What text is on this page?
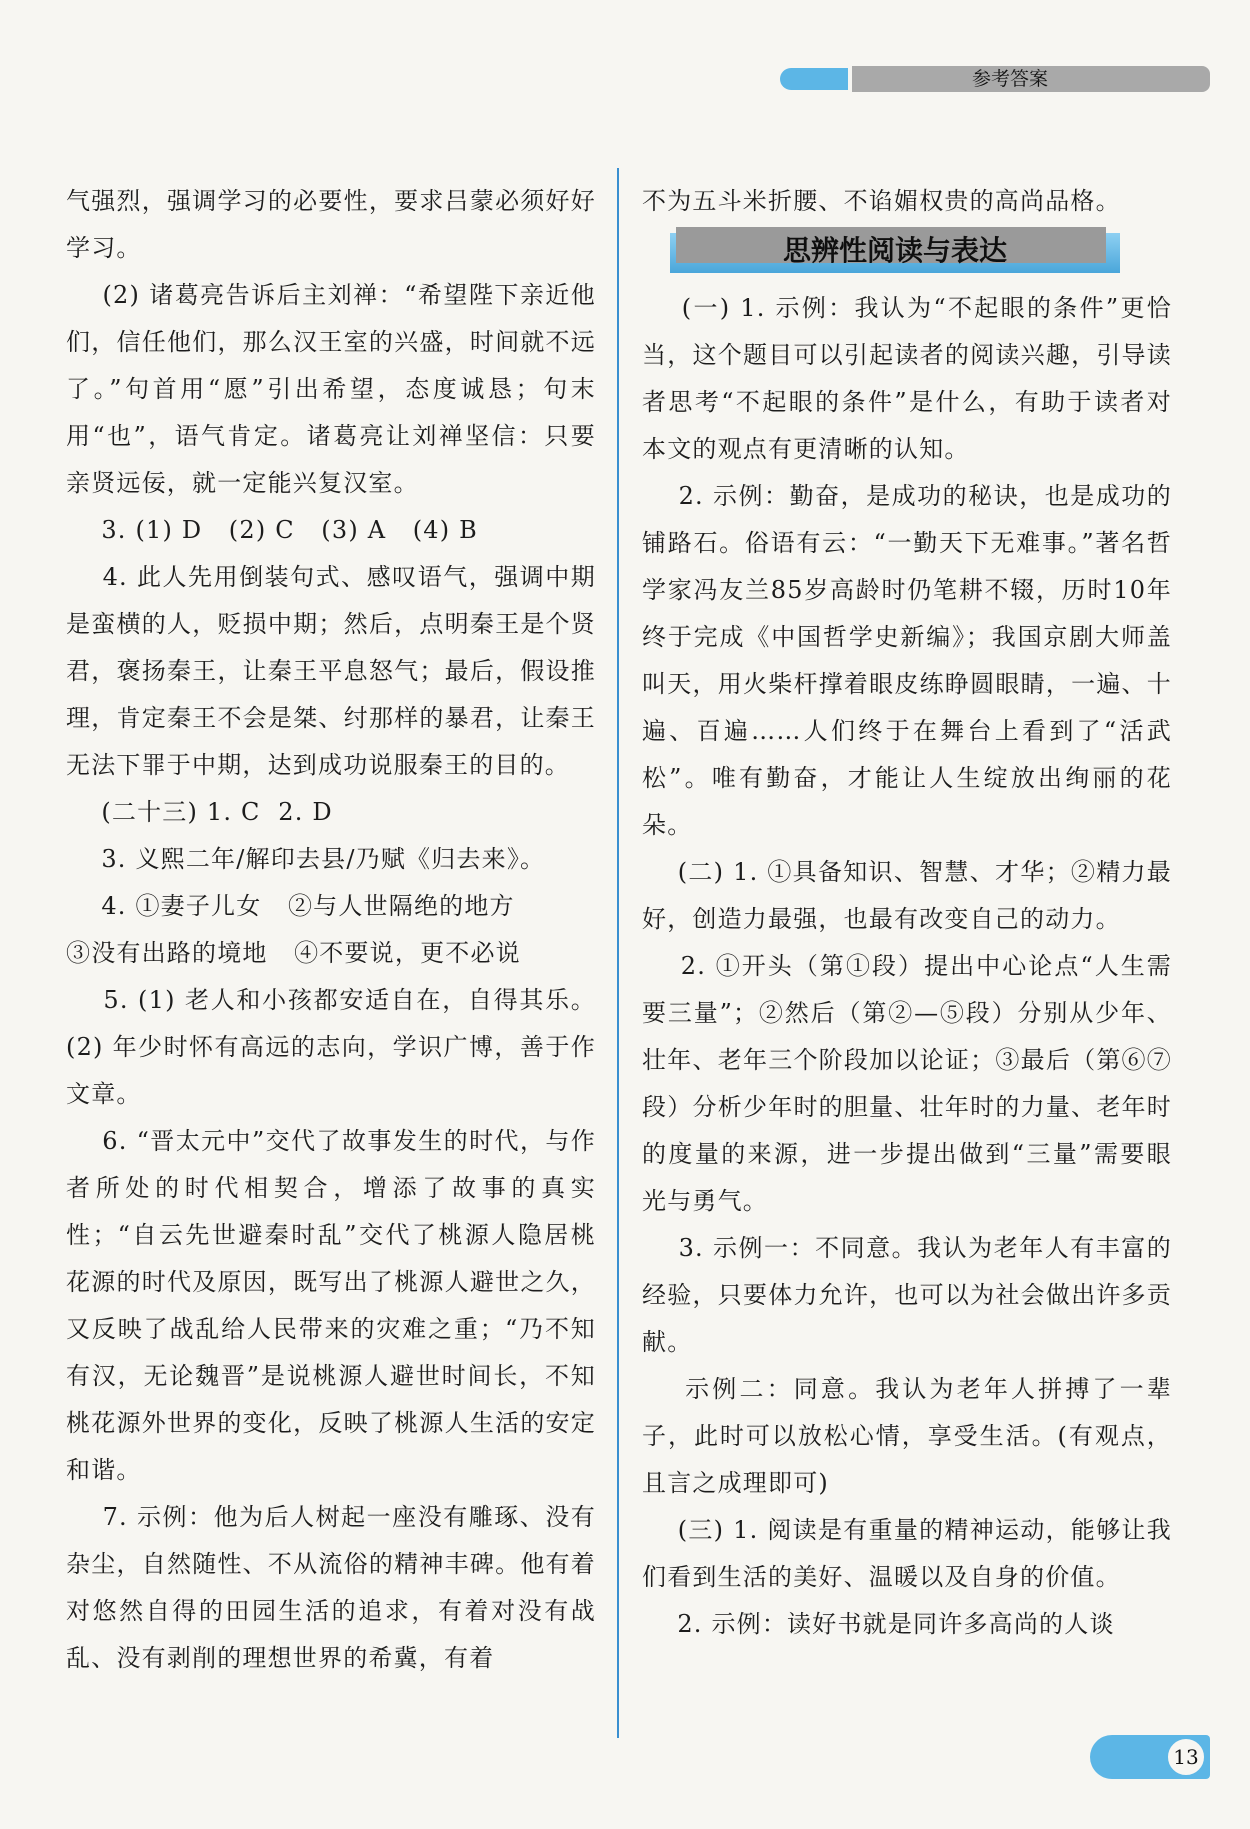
参考答案

气强烈，强调学习的必要性，要求吕蒙必须好好学习。

(2) 诸葛亮告诉后主刘禅：“希望陛下亲近他们，信任他们，那么汉王室的兴盛，时间就不远了。”句首用“愿”引出希望，态度诚恳；句末用“也”，语气肯定。诸葛亮让刘禅坚信：只要亲贤远佞，就一定能兴复汉室。

3. (1) D   (2) C   (3) A   (4) B

4. 此人先用倒装句式、感叹语气，强调中期是蛮横的人，贬损中期；然后，点明秦王是个贤君，褒扬秦王，让秦王平息怒气；最后，假设推理，肯定秦王不会是桀、纣那样的暴君，让秦王无法下罪于中期，达到成功说服秦王的目的。

(二十三) 1. C  2. D

3. 义熙二年/解印去县/乃赋《归去来》。

4. ①妻子儿女   ②与人世隔绝的地方

③没有出路的境地   ④不要说，更不必说

5. (1) 老人和小孩都安适自在，自得其乐。 (2) 年少时怀有高远的志向，学识广博，善于作文章。

6. “晋太元中”交代了故事发生的时代，与作者所处的时代相契合，增添了故事的真实性；“自云先世避秦时乱”交代了桃源人隐居桃花源的时代及原因，既写出了桃源人避世之久，又反映了战乱给人民带来的灾难之重；“乃不知有汉，无论魏晋”是说桃源人避世时间长，不知桃花源外世界的变化，反映了桃源人生活的安定和谐。

7. 示例：他为后人树起一座没有雕琢、没有杂尘，自然随性、不从流俗的精神丰碑。他有着对悠然自得的田园生活的追求，有着对没有战乱、没有剥削的理想世界的希冀，有着

不为五斗米折腰、不谄媚权贵的高尚品格。

思辨性阅读与表达

(一) 1. 示例：我认为“不起眼的条件”更恰当，这个题目可以引起读者的阅读兴趣，引导读者思考“不起眼的条件”是什么，有助于读者对本文的观点有更清晰的认知。

2. 示例：勤奋，是成功的秘诀，也是成功的铺路石。俗语有云：“一勤天下无难事。”著名哲学家冯友兰85岁高龄时仍笔耕不辍，历时10年终于完成《中国哲学史新编》；我国京剧大师盖叫天，用火柴杆撑着眼皮练睁圆眼睛，一遍、十遍、百遍……人们终于在舞台上看到了“活武松”。唯有勤奋，才能让人生绽放出绚丽的花朵。

(二) 1. ①具备知识、智慧、才华；②精力最好，创造力最强，也最有改变自己的动力。

2. ①开头（第①段）提出中心论点“人生需要三量”；②然后（第②—⑤段）分别从少年、壮年、老年三个阶段加以论证；③最后（第⑥⑦段）分析少年时的胆量、壮年时的力量、老年时的度量的来源，进一步提出做到“三量”需要眼光与勇气。

3. 示例一：不同意。我认为老年人有丰富的经验，只要体力允许，也可以为社会做出许多贡献。

示例二：同意。我认为老年人拼搏了一辈子，此时可以放松心情，享受生活。(有观点，且言之成理即可)

(三) 1. 阅读是有重量的精神运动，能够让我们看到生活的美好、温暖以及自身的价值。

2. 示例：读好书就是同许多高尚的人谈

13
